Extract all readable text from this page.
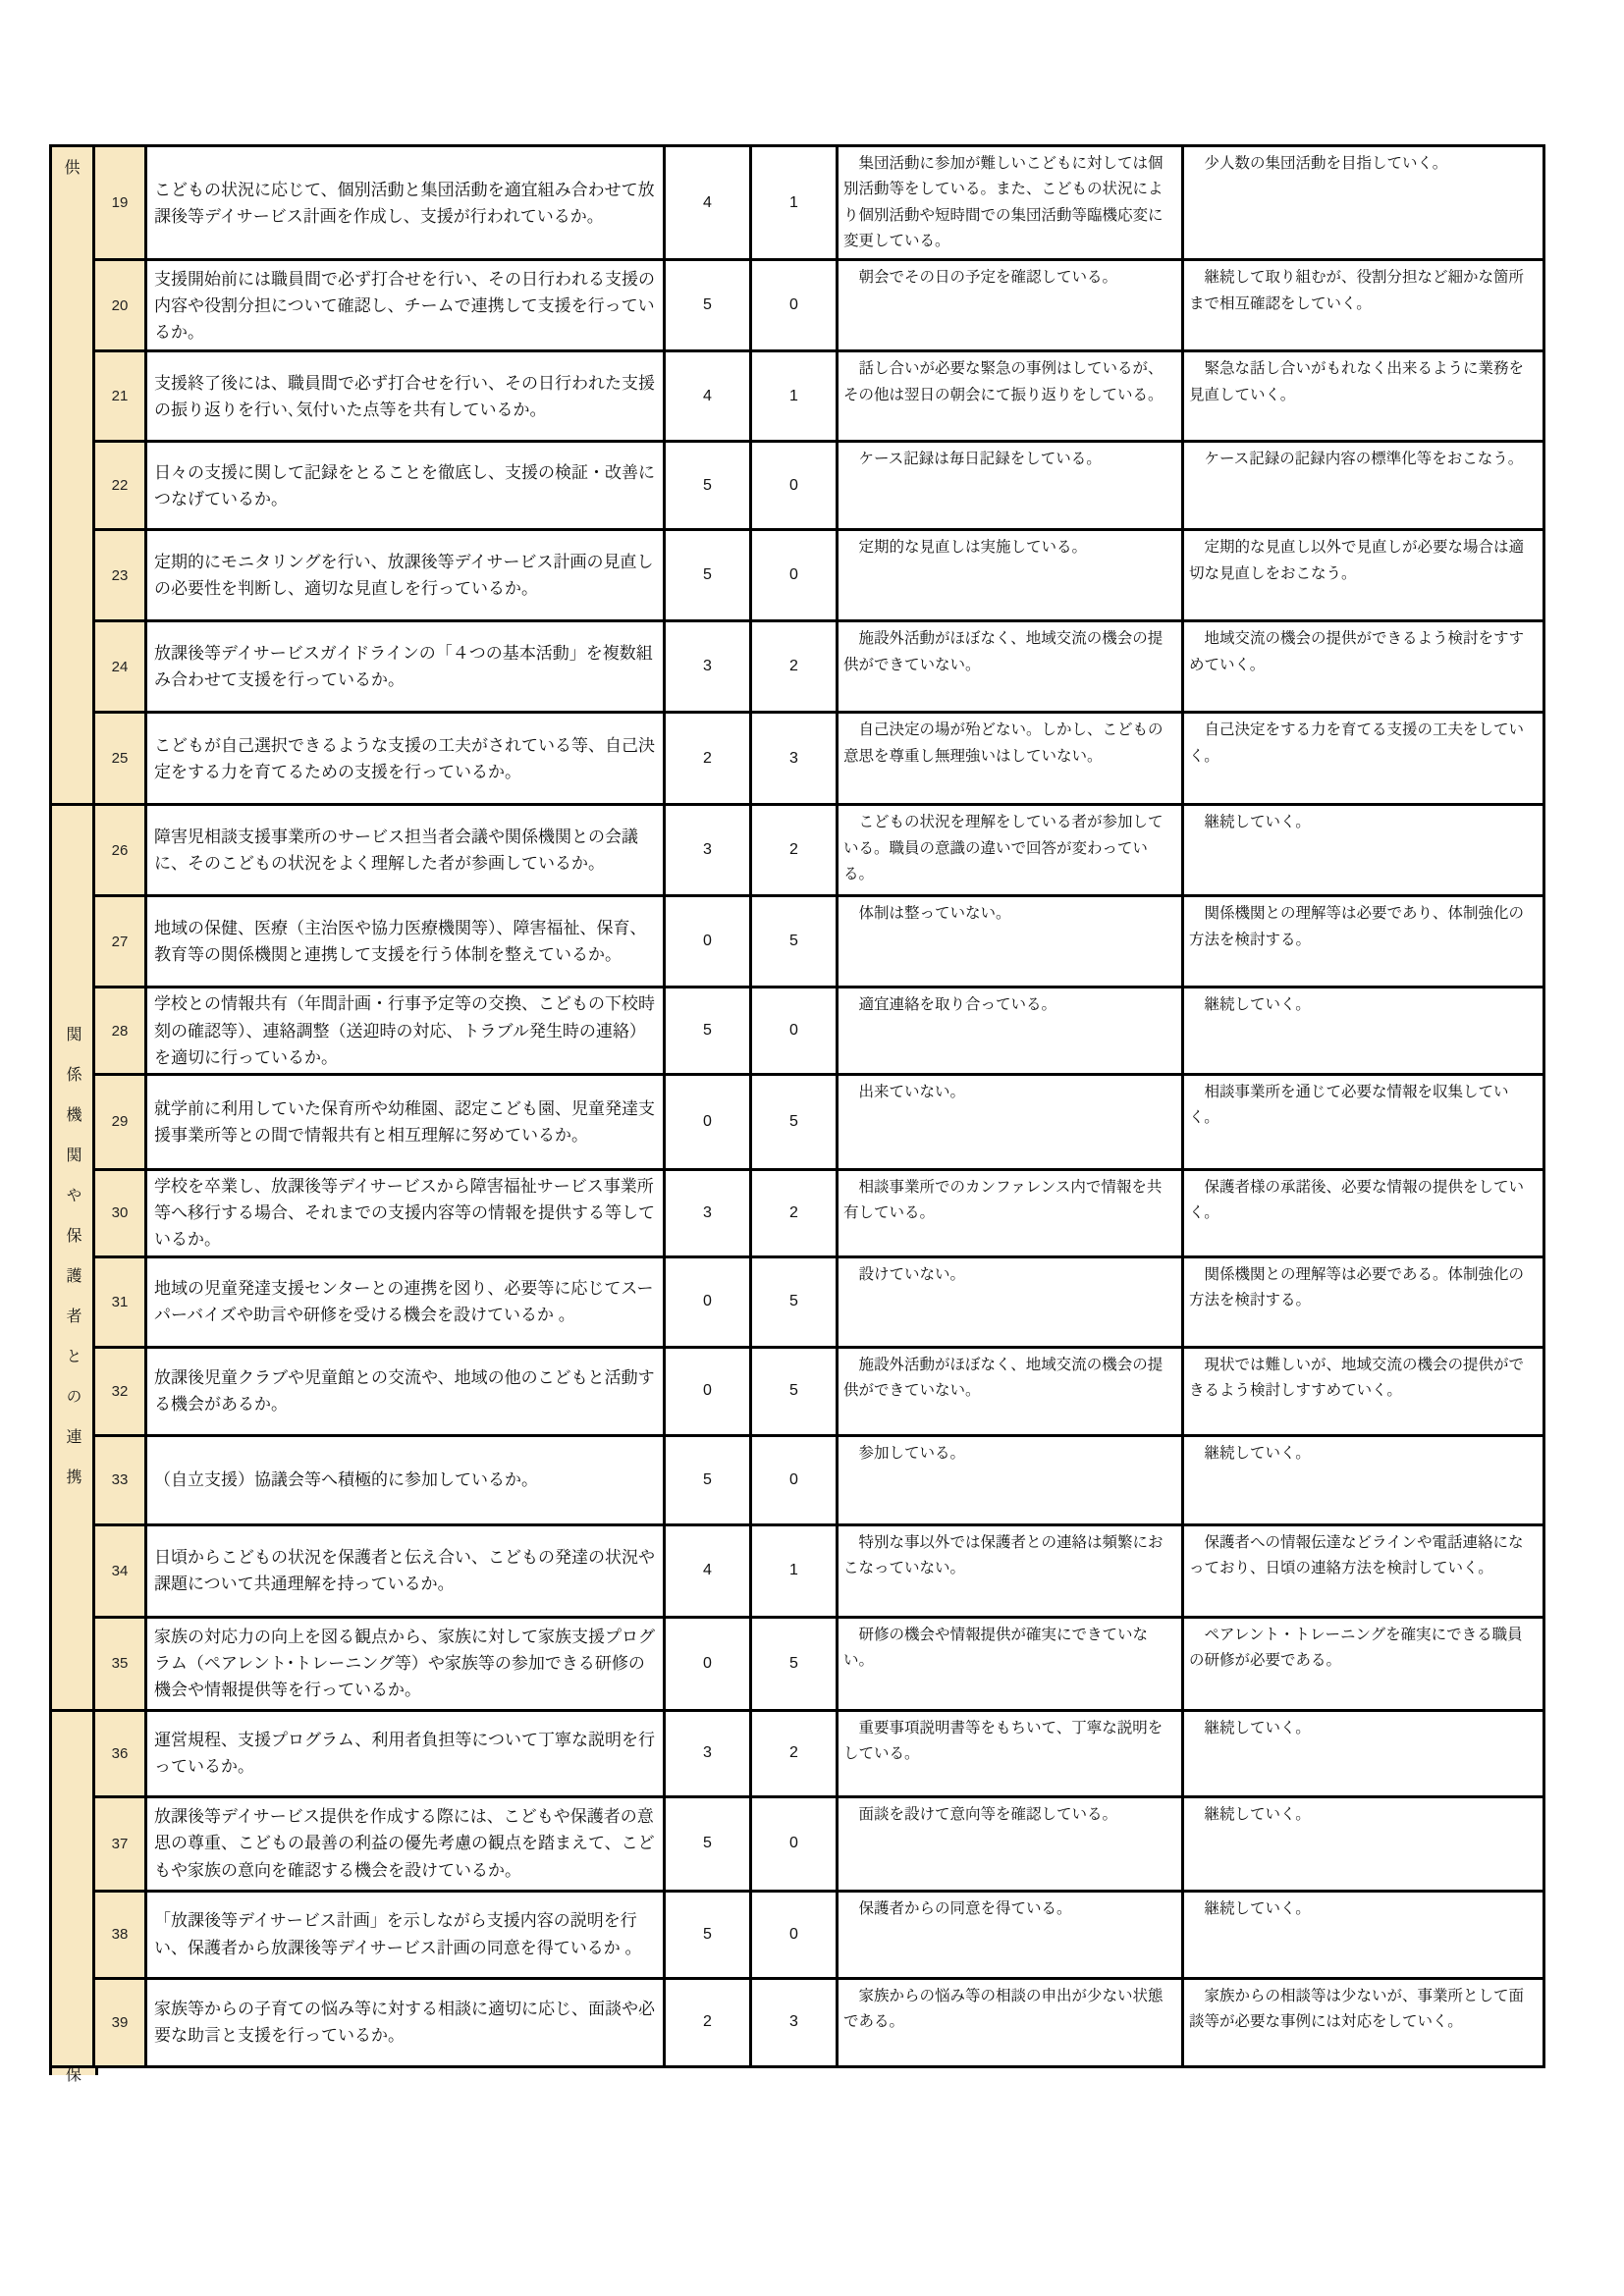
供	19	こどもの状況に応じて、個別活動と集団活動を適宜組み合わせて放課後等デイサービス計画を作成し、支援が行われているか。	4	1	集団活動に参加が難しいこどもに対しては個別活動等をしている。また、こどもの状況により個別活動や短時間での集団活動等臨機応変に変更している。	少人数の集団活動を目指していく。

	20	支援開始前には職員間で必ず打合せを行い、その日行われる支援の内容や役割分担について確認し、チームで連携して支援を行っているか。	5	0	朝会でその日の予定を確認している。	継続して取り組むが、役割分担など細かな箇所まで相互確認をしていく。

	21	支援終了後には、職員間で必ず打合せを行い、その日行われた支援の振り返りを行い､気付いた点等を共有しているか。	4	1	話し合いが必要な緊急の事例はしているが、その他は翌日の朝会にて振り返りをしている。	緊急な話し合いがもれなく出来るように業務を見直していく。

	22	日々の支援に関して記録をとることを徹底し、支援の検証・改善につなげているか。	5	0	ケース記録は毎日記録をしている。	ケース記録の記録内容の標準化等をおこなう。

	23	定期的にモニタリングを行い、放課後等デイサービス計画の見直しの必要性を判断し、適切な見直しを行っているか。	5	0	定期的な見直しは実施している。	定期的な見直し以外で見直しが必要な場合は適切な見直しをおこなう。

	24	放課後等デイサービスガイドラインの「４つの基本活動」を複数組み合わせて支援を行っているか。	3	2	施設外活動がほぼなく、地域交流の機会の提供ができていない。	地域交流の機会の提供ができるよう検討をすすめていく。

	25	こどもが自己選択できるような支援の工夫がされている等、自己決定をする力を育てるための支援を行っているか。	2	3	自己決定の場が殆どない。しかし、こどもの意思を尊重し無理強いはしていない。	自己決定をする力を育てる支援の工夫をしていく。

関係機関や保護者との連携	26	障害児相談支援事業所のサービス担当者会議や関係機関との会議に、そのこどもの状況をよく理解した者が参画しているか。	3	2	こどもの状況を理解をしている者が参加している。職員の意識の違いで回答が変わっている。	継続していく。

	27	地域の保健、医療（主治医や協力医療機関等）、障害福祉、保育、教育等の関係機関と連携して支援を行う体制を整えているか。	0	5	体制は整っていない。	関係機関との理解等は必要であり、体制強化の方法を検討する。

	28	学校との情報共有（年間計画・行事予定等の交換、こどもの下校時刻の確認等）、連絡調整（送迎時の対応、トラブル発生時の連絡）を適切に行っているか。	5	0	適宜連絡を取り合っている。	継続していく。

	29	就学前に利用していた保育所や幼稚園、認定こども園、児童発達支援事業所等との間で情報共有と相互理解に努めているか。	0	5	出来ていない。	相談事業所を通じて必要な情報を収集していく。

	30	学校を卒業し、放課後等デイサービスから障害福祉サービス事業所等へ移行する場合、それまでの支援内容等の情報を提供する等しているか。	3	2	相談事業所でのカンファレンス内で情報を共有している。	保護者様の承諾後、必要な情報の提供をしていく。

	31	地域の児童発達支援センターとの連携を図り、必要等に応じてスーパーバイズや助言や研修を受ける機会を設けているか 。	0	5	設けていない。	関係機関との理解等は必要である。体制強化の方法を検討する。

	32	放課後児童クラブや児童館との交流や、地域の他のこどもと活動する機会があるか。	0	5	施設外活動がほぼなく、地域交流の機会の提供ができていない。	現状では難しいが、地域交流の機会の提供ができるよう検討しすすめていく。

	33	（自立支援）協議会等へ積極的に参加しているか。	5	0	参加している。	継続していく。

	34	日頃からこどもの状況を保護者と伝え合い、こどもの発達の状況や課題について共通理解を持っているか。	4	1	特別な事以外では保護者との連絡は頻繁におこなっていない。	保護者への情報伝達などラインや電話連絡になっており、日頃の連絡方法を検討していく。

	35	家族の対応力の向上を図る観点から、家族に対して家族支援プログラム（ペアレント･トレーニング等）や家族等の参加できる研修の機会や情報提供等を行っているか。	0	5	研修の機会や情報提供が確実にできていない。	ペアレント・トレーニングを確実にできる職員の研修が必要である。

	36	運営規程、支援プログラム、利用者負担等について丁寧な説明を行っているか。	3	2	重要事項説明書等をもちいて、丁寧な説明をしている。	継続していく。

	37	放課後等デイサービス提供を作成する際には、こどもや保護者の意思の尊重、こどもの最善の利益の優先考慮の観点を踏まえて、こどもや家族の意向を確認する機会を設けているか。	5	0	面談を設けて意向等を確認している。	継続していく。

	38	「放課後等デイサービス計画」を示しながら支援内容の説明を行い、保護者から放課後等デイサービス計画の同意を得ているか 。	5	0	保護者からの同意を得ている。	継続していく。

	39	家族等からの子育ての悩み等に対する相談に適切に応じ、面談や必要な助言と支援を行っているか。	2	3	家族からの悩み等の相談の申出が少ない状態である。	家族からの相談等は少ないが、事業所として面談等が必要な事例には対応をしていく。

保
